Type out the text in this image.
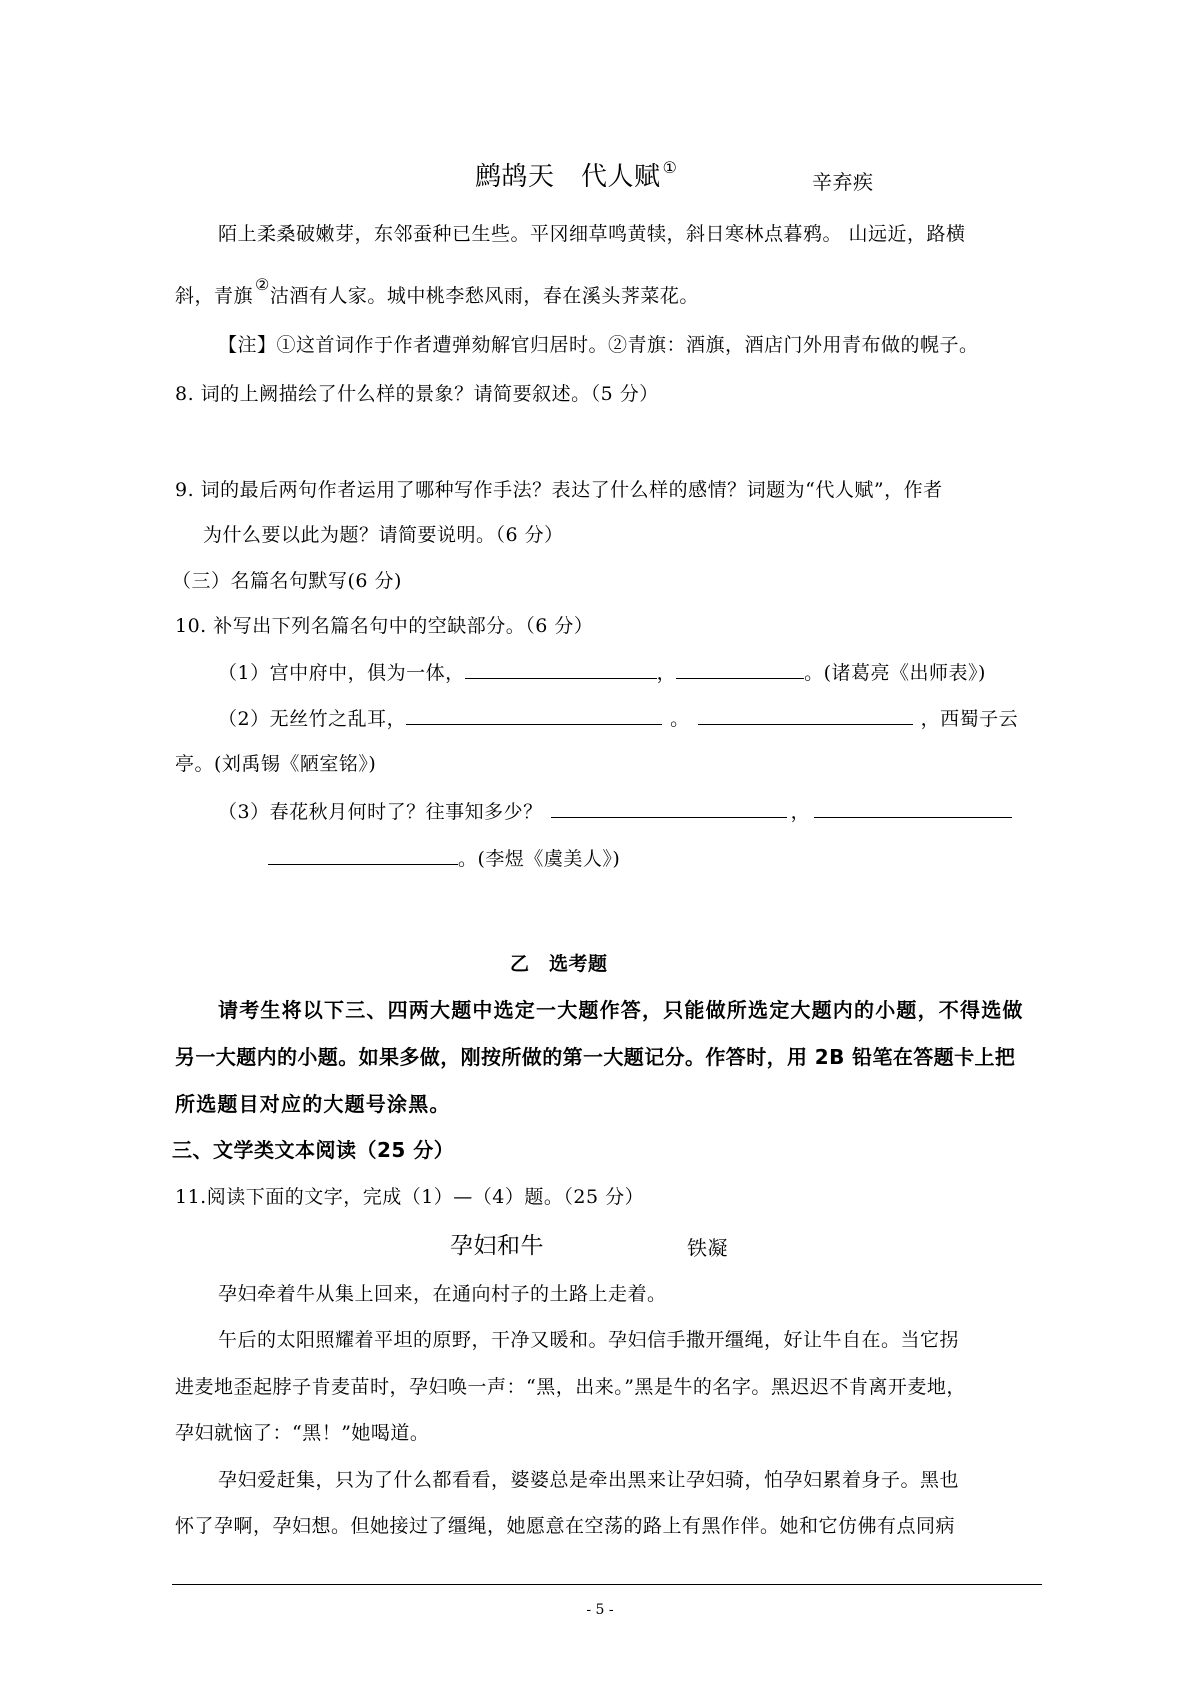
鹧鸪天　代人赋 ①
辛弃疾
陌上柔桑破嫩芽，东邻蚕种已生些。平冈细草鸣黄犊，斜日寒林点暮鸦。 山远近，路横
斜，青旗②沽酒有人家。城中桃李愁风雨，春在溪头荠菜花。
【注】①这首词作于作者遭弹劾解官归居时。②青旗：酒旗，酒店门外用青布做的幌子。
8. 词的上阙描绘了什么样的景象？请简要叙述。（5 分）
9. 词的最后两句作者运用了哪种写作手法？表达了什么样的感情？词题为“代人赋”，作者
为什么要以此为题？请简要说明。（6 分）
（三）名篇名句默写(6 分)
10. 补写出下列名篇名句中的空缺部分。（6 分）
（1）宫中府中，俱为一体，	，	。(诸葛亮《出师表》)
（2）无丝竹之乱耳，	。	，西蜀子云
亭。(刘禹锡《陋室铭》)
（3）春花秋月何时了？往事知多少？	，
。(李煜《虞美人》)
乙　选考题
请考生将以下三、四两大题中选定一大题作答，只能做所选定大题内的小题，不得选做
另一大题内的小题。如果多做，刚按所做的第一大题记分。作答时，用 2B 铅笔在答题卡上把
所选题目对应的大题号涂黑。
三、文学类文本阅读（25 分）
11.阅读下面的文字，完成（1）—（4）题。（25 分）
孕妇和牛	铁凝
孕妇牵着牛从集上回来，在通向村子的土路上走着。
午后的太阳照耀着平坦的原野，干净又暖和。孕妇信手撒开缰绳，好让牛自在。当它拐
进麦地歪起脖子肯麦苗时，孕妇唤一声：“黑，出来。”黑是牛的名字。黑迟迟不肯离开麦地，
孕妇就恼了：“黑！”她喝道。
孕妇爱赶集，只为了什么都看看，婆婆总是牵出黑来让孕妇骑，怕孕妇累着身子。黑也
怀了孕啊，孕妇想。但她接过了缰绳，她愿意在空荡的路上有黑作伴。她和它仿佛有点同病
- 5 -
